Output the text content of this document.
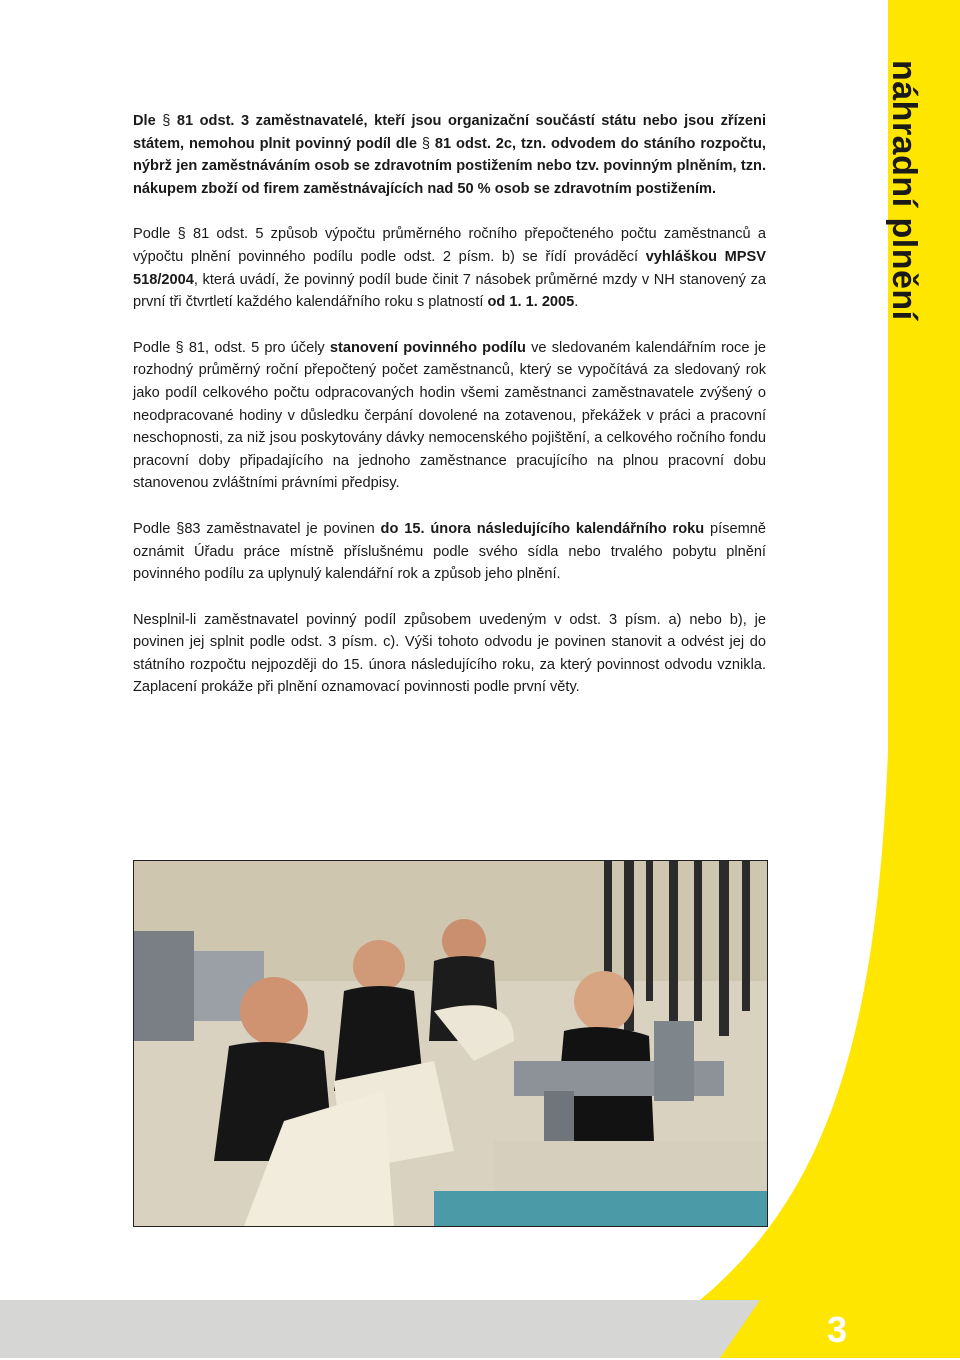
náhradní plnění

Dle § 81 odst. 3 zaměstnavatelé, kteří jsou organizační součástí státu nebo jsou zřízeni státem, nemohou plnit povinný podíl dle § 81 odst. 2c, tzn. odvodem do stáního rozpočtu, nýbrž jen zaměstnáváním osob se zdravotním postižením nebo tzv. povinným plněním, tzn. nákupem zboží od firem zaměstnávajících nad 50 % osob se zdravotním postižením.

Podle § 81 odst. 5 způsob výpočtu průměrného ročního přepočteného počtu zaměstnanců a výpočtu plnění povinného podílu podle odst. 2 písm. b) se řídí prováděcí vyhláškou MPSV 518/2004, která uvádí, že povinný podíl bude činit 7 násobek průměrné mzdy v NH stanovený za první tři čtvrtletí každého kalendářního roku s platností od 1. 1. 2005.

Podle § 81, odst. 5 pro účely stanovení povinného podílu ve sledovaném kalendářním roce je rozhodný průměrný roční přepočtený počet zaměstnanců, který se vypočítává za sledovaný rok jako podíl celkového počtu odpracovaných hodin všemi zaměstnanci zaměstnavatele zvýšený o neodpracované hodiny v důsledku čerpání dovolené na zotavenou, překážek v práci a pracovní neschopnosti, za niž jsou poskytovány dávky nemocenského pojištění, a celkového ročního fondu pracovní doby připadajícího na jednoho zaměstnance pracujícího na plnou pracovní dobu stanovenou zvláštními právními předpisy.

Podle §83 zaměstnavatel je povinen do 15. února následujícího kalendářního roku písemně oznámit Úřadu práce místně příslušnému podle svého sídla nebo trvalého pobytu plnění povinného podílu za uplynulý kalendářní rok a způsob jeho plnění.

Nesplnil-li zaměstnavatel povinný podíl způsobem uvedeným v odst. 3 písm. a) nebo b), je povinen jej splnit podle odst. 3 písm. c). Výši tohoto odvodu je povinen stanovit a odvést jej do státního rozpočtu nejpozději do 15. února následujícího roku, za který povinnost odvodu vznikla. Zaplacení prokáže při plnění oznamovací povinnosti podle první věty.

3
